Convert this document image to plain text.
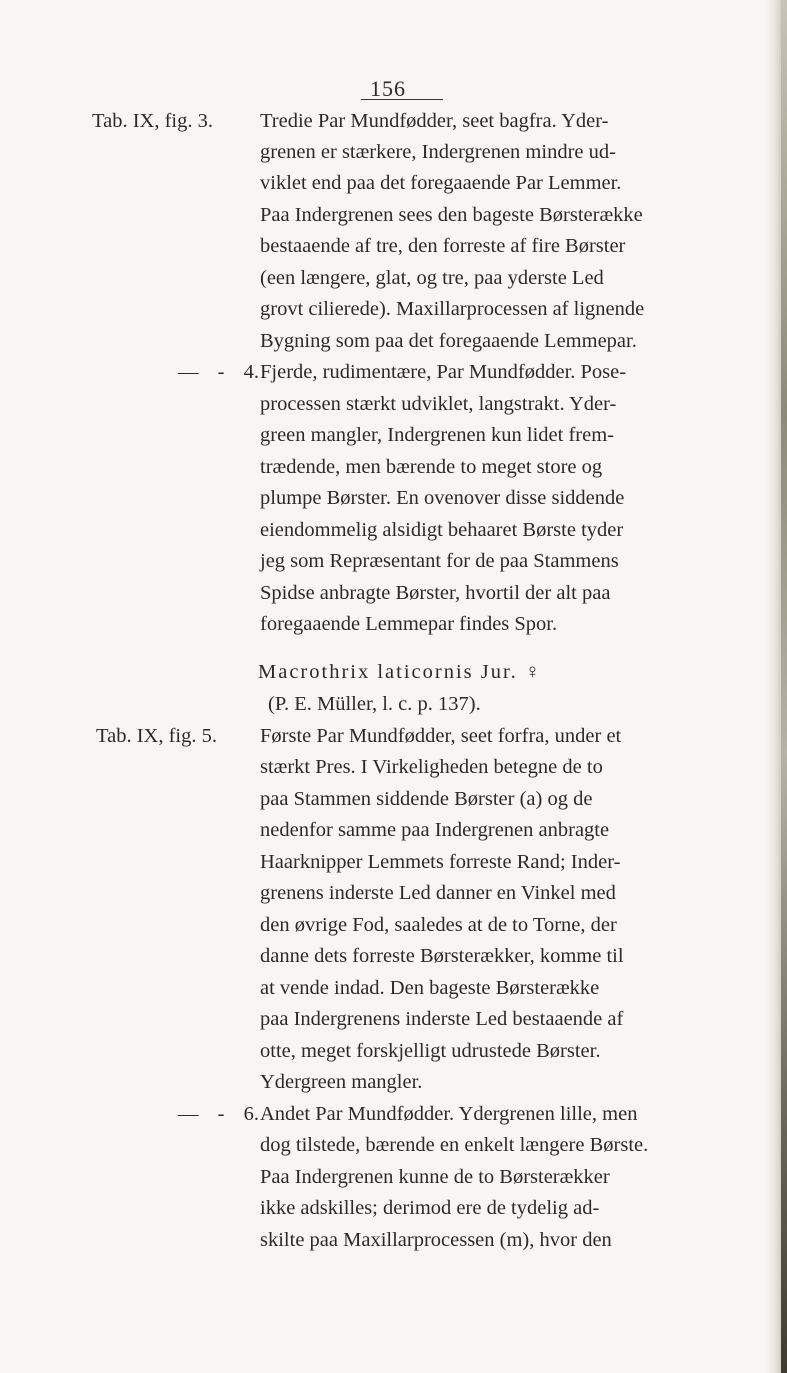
156
Tab. IX, fig. 3. Tredie Par Mundfødder, seet bagfra. Yder-
grenen er stærkere, Indergrenen mindre ud-
viklet end paa det foregaaende Par Lemmer.
Paa Indergrenen sees den bageste Børsterække
bestaaende af tre, den forreste af fire Børster
(een længere, glat, og tre, paa yderste Led
grovt cilierede). Maxillarprocessen af lignende
Bygning som paa det foregaaende Lemmepar.
— - 4. Fjerde, rudimentære, Par Mundfødder. Pose-
processen stærkt udviklet, langstrakt. Yder-
green mangler, Indergrenen kun lidet frem-
trædende, men bærende to meget store og
plumpe Børster. En ovenover disse siddende
eiendommelig alsidigt behaaret Børste tyder
jeg som Repræsentant for de paa Stammens
Spidse anbragte Børster, hvortil der alt paa
foregaaende Lemmepar findes Spor.
Macrothrix laticornis Jur. ♀
(P. E. Müller, l. c. p. 137).
Tab. IX, fig. 5. Første Par Mundfødder, seet forfra, under et
stærkt Pres. I Virkeligheden betegne de to
paa Stammen siddende Børster (a) og de
nedenfor samme paa Indergrenen anbragte
Haarknipper Lemmets forreste Rand; Inder-
grenens inderste Led danner en Vinkel med
den øvrige Fod, saaledes at de to Torne, der
danne dets forreste Børsterækker, komme til
at vende indad. Den bageste Børsterække
paa Indergrenens inderste Led bestaaende af
otte, meget forskjelligt udrustede Børster.
Ydergreen mangler.
— - 6. Andet Par Mundfødder. Ydergrenen lille, men
dog tilstede, bærende en enkelt længere Børste.
Paa Indergrenen kunne de to Børsterækker
ikke adskilles; derimod ere de tydelig ad-
skilte paa Maxillarprocessen (m), hvor den
